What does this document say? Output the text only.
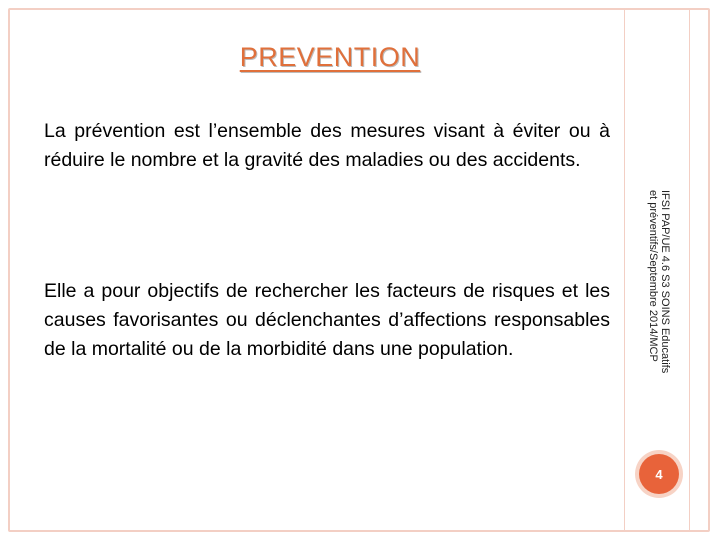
PREVENTION
La prévention est l’ensemble des mesures visant à éviter ou à réduire le nombre et la gravité des maladies ou des accidents.
Elle a pour objectifs de rechercher les facteurs de risques et les causes favorisantes ou déclenchantes d’affections responsables de la mortalité ou de la morbidité dans une population.	IFSI PAP/UE 4.6 S3 SOINS Educatifs et préventifs/Septembre 2014/MCP
4
